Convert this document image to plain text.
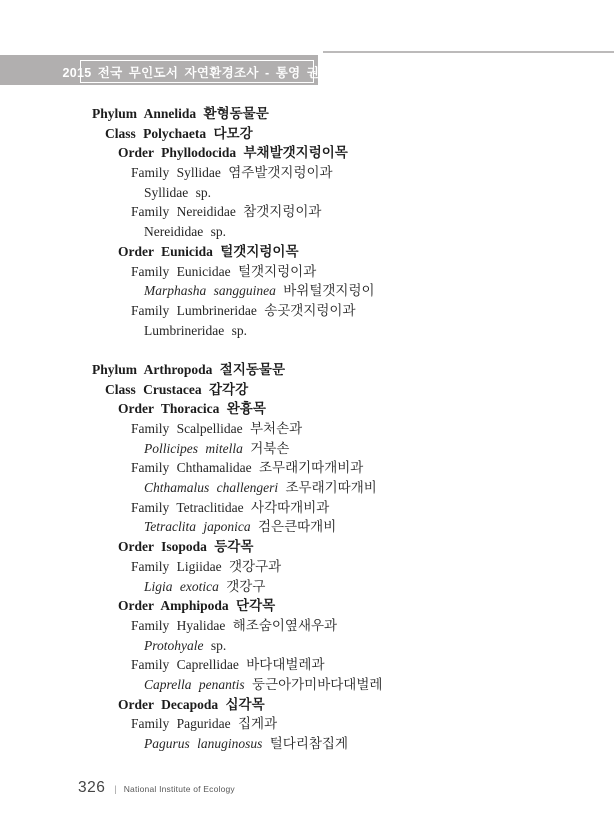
2015 전국 무인도서 자연환경조사 - 통영 권역
Phylum Annelida 환형동물문
Class Polychaeta 다모강
Order Phyllodocida 부채발갯지렁이목
Family Syllidae 염주발갯지렁이과
Syllidae sp.
Family Nereididae 참갯지렁이과
Nereididae sp.
Order Eunicida 털갯지렁이목
Family Eunicidae 털갯지렁이과
Marphasha sangguinea 바위털갯지렁이
Family Lumbrineridae 송곳갯지렁이과
Lumbrineridae sp.
Phylum Arthropoda 절지동물문
Class Crustacea 갑각강
Order Thoracica 완흉목
Family Scalpellidae 부처손과
Pollicipes mitella 거북손
Family Chthamalidae 조무래기따개비과
Chthamalus challengeri 조무래기따개비
Family Tetraclitidae 사각따개비과
Tetraclita japonica 검은큰따개비
Order Isopoda 등각목
Family Ligiidae 갯강구과
Ligia exotica 갯강구
Order Amphipoda 단각목
Family Hyalidae 해조숨이옆새우과
Protohyale sp.
Family Caprellidae 바다대벌레과
Caprella penantis 둥근아가미바다대벌레
Order Decapoda 십각목
Family Paguridae 집게과
Pagurus lanuginosus 털다리참집게
326 | National Institute of Ecology
